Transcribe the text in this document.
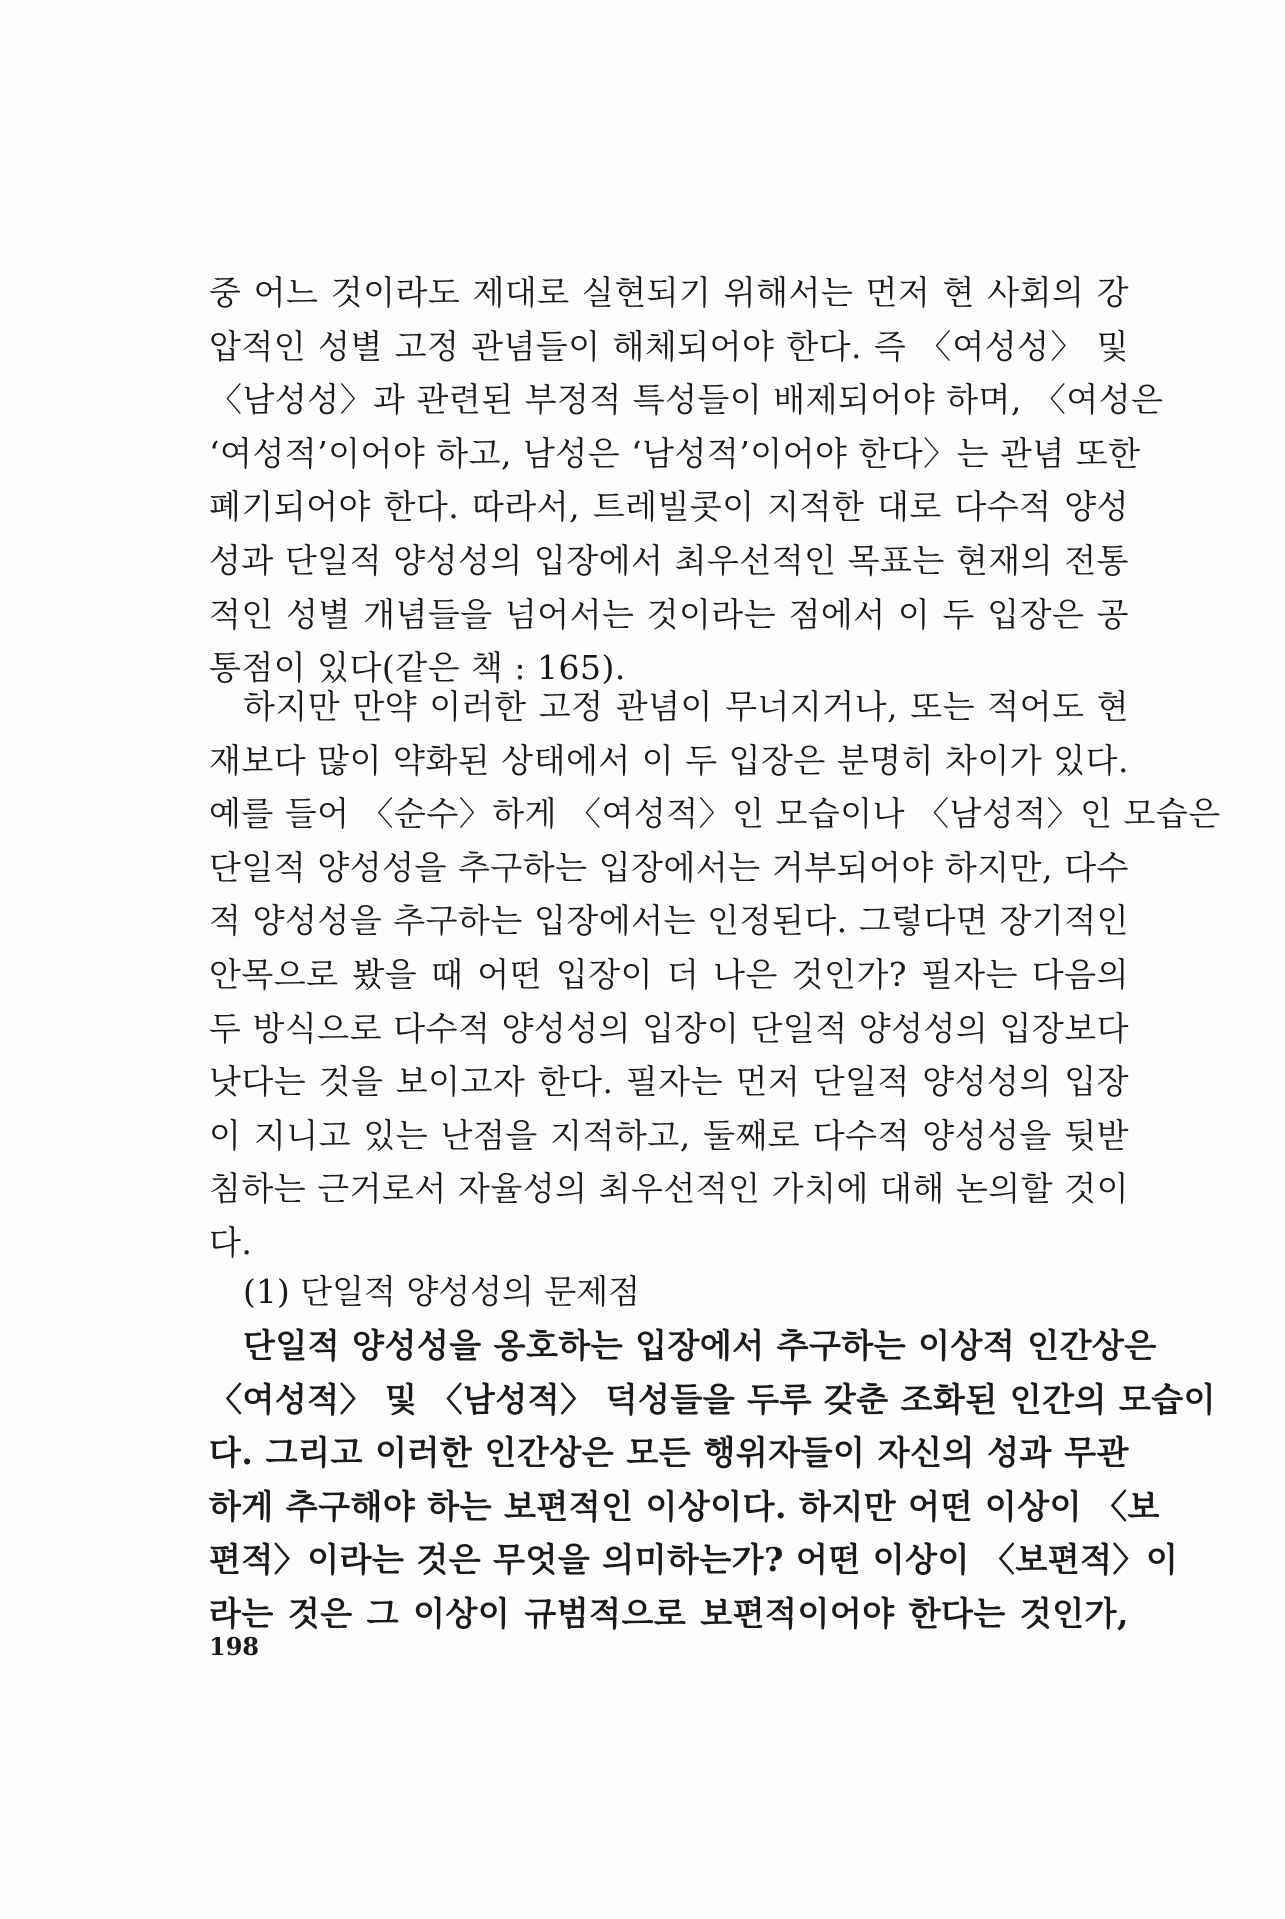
중 어느 것이라도 제대로 실현되기 위해서는 먼저 현 사회의 강
압적인 성별 고정 관념들이 해체되어야 한다. 즉 〈여성성〉 및
〈남성성〉과 관련된 부정적 특성들이 배제되어야 하며, 〈여성은
‘여성적’이어야 하고, 남성은 ‘남성적’이어야 한다〉는 관념 또한
폐기되어야 한다. 따라서, 트레빌콧이 지적한 대로 다수적 양성
성과 단일적 양성성의 입장에서 최우선적인 목표는 현재의 전통
적인 성별 개념들을 넘어서는 것이라는 점에서 이 두 입장은 공
통점이 있다(같은 책 : 165).
하지만 만약 이러한 고정 관념이 무너지거나, 또는 적어도 현
재보다 많이 약화된 상태에서 이 두 입장은 분명히 차이가 있다.
예를 들어 〈순수〉하게 〈여성적〉인 모습이나 〈남성적〉인 모습은
단일적 양성성을 추구하는 입장에서는 거부되어야 하지만, 다수
적 양성성을 추구하는 입장에서는 인정된다. 그렇다면 장기적인
안목으로 봤을 때 어떤 입장이 더 나은 것인가? 필자는 다음의
두 방식으로 다수적 양성성의 입장이 단일적 양성성의 입장보다
낫다는 것을 보이고자 한다. 필자는 먼저 단일적 양성성의 입장
이 지니고 있는 난점을 지적하고, 둘째로 다수적 양성성을 뒷받
침하는 근거로서 자율성의 최우선적인 가치에 대해 논의할 것이
다.
(1) 단일적 양성성의 문제점
단일적 양성성을 옹호하는 입장에서 추구하는 이상적 인간상은
〈여성적〉 및 〈남성적〉 덕성들을 두루 갖춘 조화된 인간의 모습이
다. 그리고 이러한 인간상은 모든 행위자들이 자신의 성과 무관
하게 추구해야 하는 보편적인 이상이다. 하지만 어떤 이상이 〈보
편적〉이라는 것은 무엇을 의미하는가? 어떤 이상이 〈보편적〉이
라는 것은 그 이상이 규범적으로 보편적이어야 한다는 것인가,
198
